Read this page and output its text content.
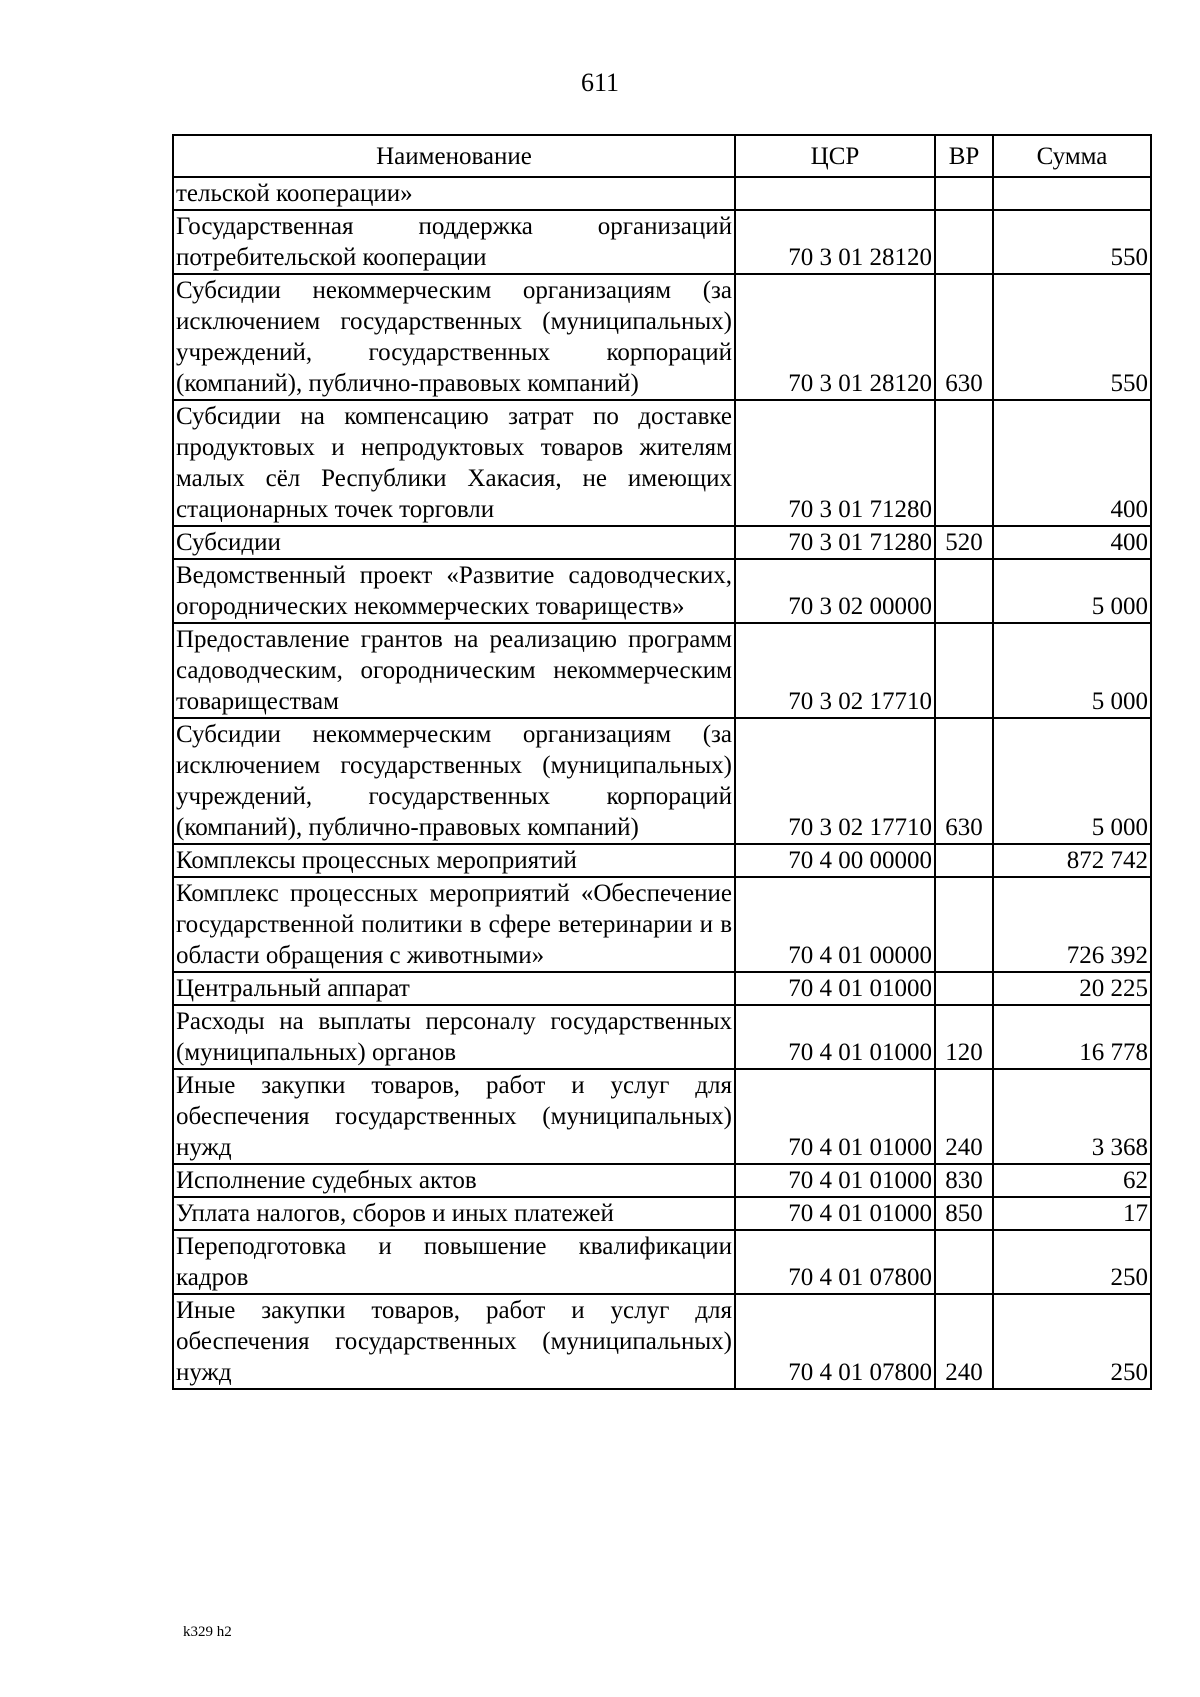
611
Наименование	ЦСР	ВР	Сумма
тельской кооперации»			
Государственная поддержка организаций потребительской кооперации	70 3 01 28120		550
Субсидии некоммерческим организациям (за исключением государственных (муниципальных) учреждений, государственных корпораций (компаний), публично-правовых компаний)	70 3 01 28120	630	550
Субсидии на компенсацию затрат по доставке продуктовых и непродуктовых товаров жителям малых сёл Республики Хакасия, не имеющих стационарных точек торговли	70 3 01 71280		400
Субсидии	70 3 01 71280	520	400
Ведомственный проект «Развитие садоводческих, огороднических некоммерческих товариществ»	70 3 02 00000		5 000
Предоставление грантов на реализацию программ садоводческим, огородническим некоммерческим товариществам	70 3 02 17710		5 000
Субсидии некоммерческим организациям (за исключением государственных (муниципальных) учреждений, государственных корпораций (компаний), публично-правовых компаний)	70 3 02 17710	630	5 000
Комплексы процессных мероприятий	70 4 00 00000		872 742
Комплекс процессных мероприятий «Обеспечение государственной политики в сфере ветеринарии и в области обращения с животными»	70 4 01 00000		726 392
Центральный аппарат	70 4 01 01000		20 225
Расходы на выплаты персоналу государственных (муниципальных) органов	70 4 01 01000	120	16 778
Иные закупки товаров, работ и услуг для обеспечения государственных (муниципальных) нужд	70 4 01 01000	240	3 368
Исполнение судебных актов	70 4 01 01000	830	62
Уплата налогов, сборов и иных платежей	70 4 01 01000	850	17
Переподготовка и повышение квалификации кадров	70 4 01 07800		250
Иные закупки товаров, работ и услуг для обеспечения государственных (муниципальных) нужд	70 4 01 07800	240	250
k329 h2
